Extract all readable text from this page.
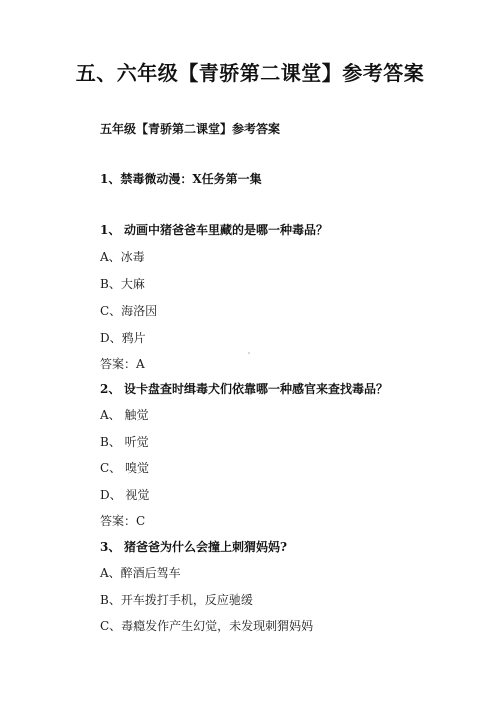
五、六年级【青骄第二课堂】参考答案
五年级【青骄第二课堂】参考答案
1、禁毒微动漫：X任务第一集
1、 动画中猪爸爸车里藏的是哪一种毒品？
A、冰毒
B、大麻
C、海洛因
D、鸦片
答案：A
2、 设卡盘查时缉毒犬们依靠哪一种感官来查找毒品？
A、 触觉
B、 听觉
C、 嗅觉
D、 视觉
答案：C
3、 猪爸爸为什么会撞上刺猬妈妈?
A、醉酒后驾车
B、开车拨打手机，反应驰缓
C、毒瘾发作产生幻觉，未发现刺猬妈妈
